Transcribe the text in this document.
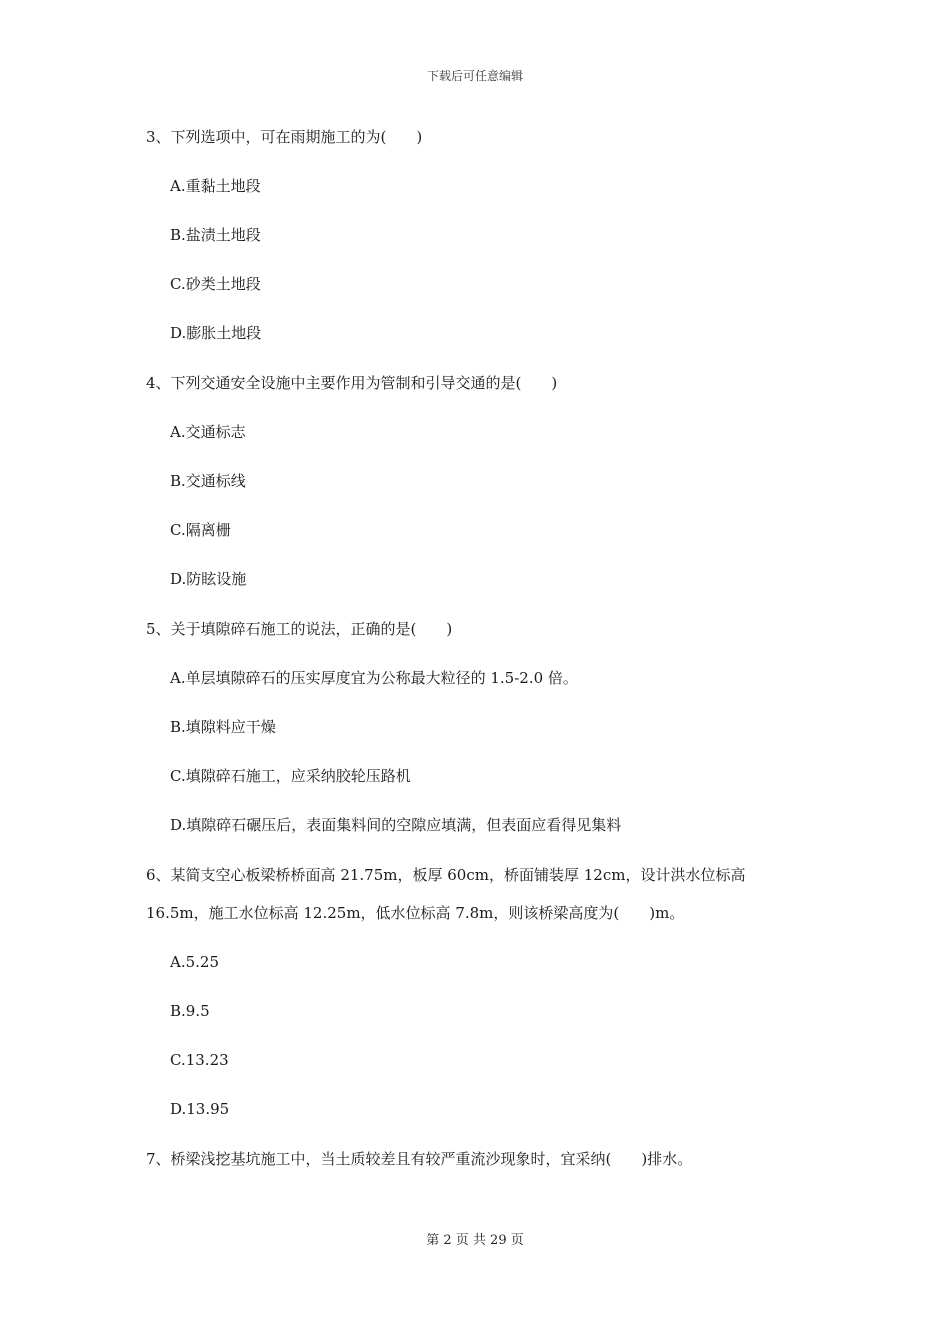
下载后可任意编辑
3、下列选项中，可在雨期施工的为(　　)
A.重黏土地段
B.盐渍土地段
C.砂类土地段
D.膨胀土地段
4、下列交通安全设施中主要作用为管制和引导交通的是(　　)
A.交通标志
B.交通标线
C.隔离栅
D.防眩设施
5、关于填隙碎石施工的说法，正确的是(　　)
A.单层填隙碎石的压实厚度宜为公称最大粒径的 1.5-2.0 倍。
B.填隙料应干燥
C.填隙碎石施工，应采纳胶轮压路机
D.填隙碎石碾压后，表面集料间的空隙应填满，但表面应看得见集料
6、某简支空心板梁桥桥面高 21.75m，板厚 60cm，桥面铺装厚 12cm，设计洪水位标高
16.5m，施工水位标高 12.25m，低水位标高 7.8m，则该桥梁高度为(　　)m。
A.5.25
B.9.5
C.13.23
D.13.95
7、桥梁浅挖基坑施工中，当土质较差且有较严重流沙现象时，宜采纳(　　)排水。
第 2 页 共 29 页
